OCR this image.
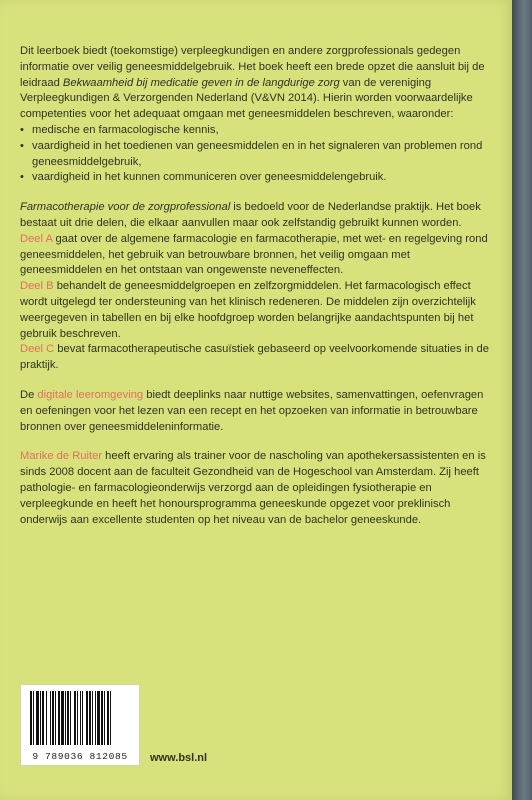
Dit leerboek biedt (toekomstige) verpleegkundigen en andere zorgprofessionals gedegen informatie over veilig geneesmiddelgebruik. Het boek heeft een brede opzet die aansluit bij de leidraad Bekwaamheid bij medicatie geven in de langdurige zorg van de vereniging Verpleegkundigen & Verzorgenden Nederland (V&VN 2014). Hierin worden voorwaardelijke competenties voor het adequaat omgaan met geneesmiddelen beschreven, waaronder:

• medische en farmacologische kennis,
• vaardigheid in het toedienen van geneesmiddelen en in het signaleren van problemen rond geneesmiddelgebruik,
• vaardigheid in het kunnen communiceren over geneesmiddelengebruik.

Farmacotherapie voor de zorgprofessional is bedoeld voor de Nederlandse praktijk. Het boek bestaat uit drie delen, die elkaar aanvullen maar ook zelfstandig gebruikt kunnen worden.

Deel A gaat over de algemene farmacologie en farmacotherapie, met wet- en regelgeving rond geneesmiddelen, het gebruik van betrouwbare bronnen, het veilig omgaan met geneesmiddelen en het ontstaan van ongewenste neveneffecten.

Deel B behandelt de geneesmiddelgroepen en zelfzorgmiddelen. Het farmacologisch effect wordt uitgelegd ter ondersteuning van het klinisch redeneren. De middelen zijn overzichtelijk weergegeven in tabellen en bij elke hoofdgroep worden belangrijke aandachtspunten bij het gebruik beschreven.

Deel C bevat farmacotherapeutische casuïstiek gebaseerd op veelvoorkomende situaties in de praktijk.

De digitale leeromgeving biedt deeplinks naar nuttige websites, samenvattingen, oefenvragen en oefeningen voor het lezen van een recept en het opzoeken van informatie in betrouwbare bronnen over geneesmiddeleninformatie.

Marike de Ruiter heeft ervaring als trainer voor de nascholing van apothekersassistenten en is sinds 2008 docent aan de faculteit Gezondheid van de Hogeschool van Amsterdam. Zij heeft pathologie- en farmacologieonderwijs verzorgd aan de opleidingen fysiotherapie en verpleegkunde en heeft het honoursprogramma geneeskunde opgezet voor preklinisch onderwijs aan excellente studenten op het niveau van de bachelor geneeskunde.

9 789036 812085	www.bsl.nl
